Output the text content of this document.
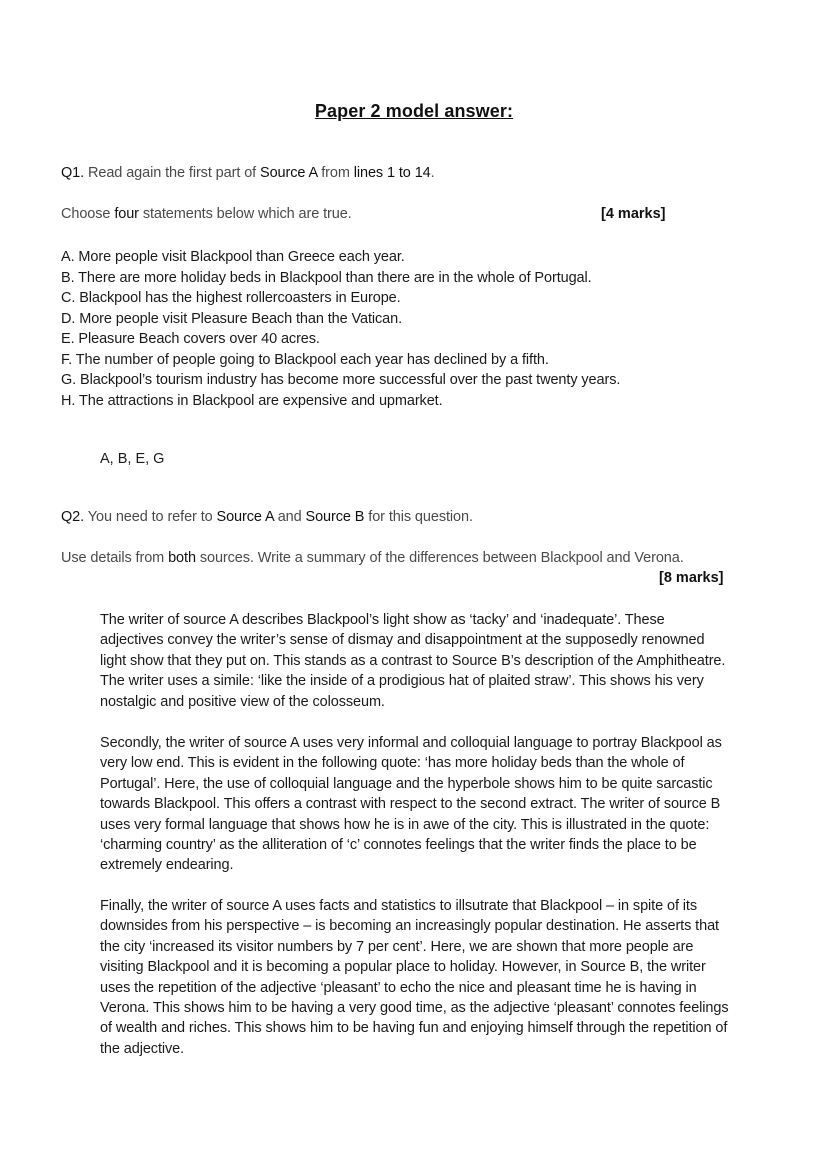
Paper 2 model answer:

Q1. Read again the first part of Source A from lines 1 to 14.

Choose four statements below which are true.	[4 marks]
A. More people visit Blackpool than Greece each year.
B. There are more holiday beds in Blackpool than there are in the whole of Portugal.
C. Blackpool has the highest rollercoasters in Europe.
D. More people visit Pleasure Beach than the Vatican.
E. Pleasure Beach covers over 40 acres.
F. The number of people going to Blackpool each year has declined by a fifth.
G. Blackpool’s tourism industry has become more successful over the past twenty years.
H. The attractions in Blackpool are expensive and upmarket.

A, B, E, G

Q2. You need to refer to Source A and Source B for this question.

Use details from both sources. Write a summary of the differences between Blackpool and Verona.

[8 marks]

The writer of source A describes Blackpool’s light show as ‘tacky’ and ‘inadequate’. These adjectives convey the writer’s sense of dismay and disappointment at the supposedly renowned light show that they put on. This stands as a contrast to Source B’s description of the Amphitheatre. The writer uses a simile: ‘like the inside of a prodigious hat of plaited straw’. This shows his very nostalgic and positive view of the colosseum.

Secondly, the writer of source A uses very informal and colloquial language to portray Blackpool as very low end. This is evident in the following quote: ‘has more holiday beds than the whole of Portugal’. Here, the use of colloquial language and the hyperbole shows him to be quite sarcastic towards Blackpool. This offers a contrast with respect to the second extract. The writer of source B uses very formal language that shows how he is in awe of the city. This is illustrated in the quote: ‘charming country’ as the alliteration of ‘c’ connotes feelings that the writer finds the place to be extremely endearing.

Finally, the writer of source A uses facts and statistics to illsutrate that Blackpool – in spite of its downsides from his perspective – is becoming an increasingly popular destination. He asserts that the city ‘increased its visitor numbers by 7 per cent’. Here, we are shown that more people are visiting Blackpool and it is becoming a popular place to holiday. However, in Source B, the writer uses the repetition of the adjective ‘pleasant’ to echo the nice and pleasant time he is having in Verona. This shows him to be having a very good time, as the adjective ‘pleasant’ connotes feelings of wealth and riches. This shows him to be having fun and enjoying himself through the repetition of the adjective.
